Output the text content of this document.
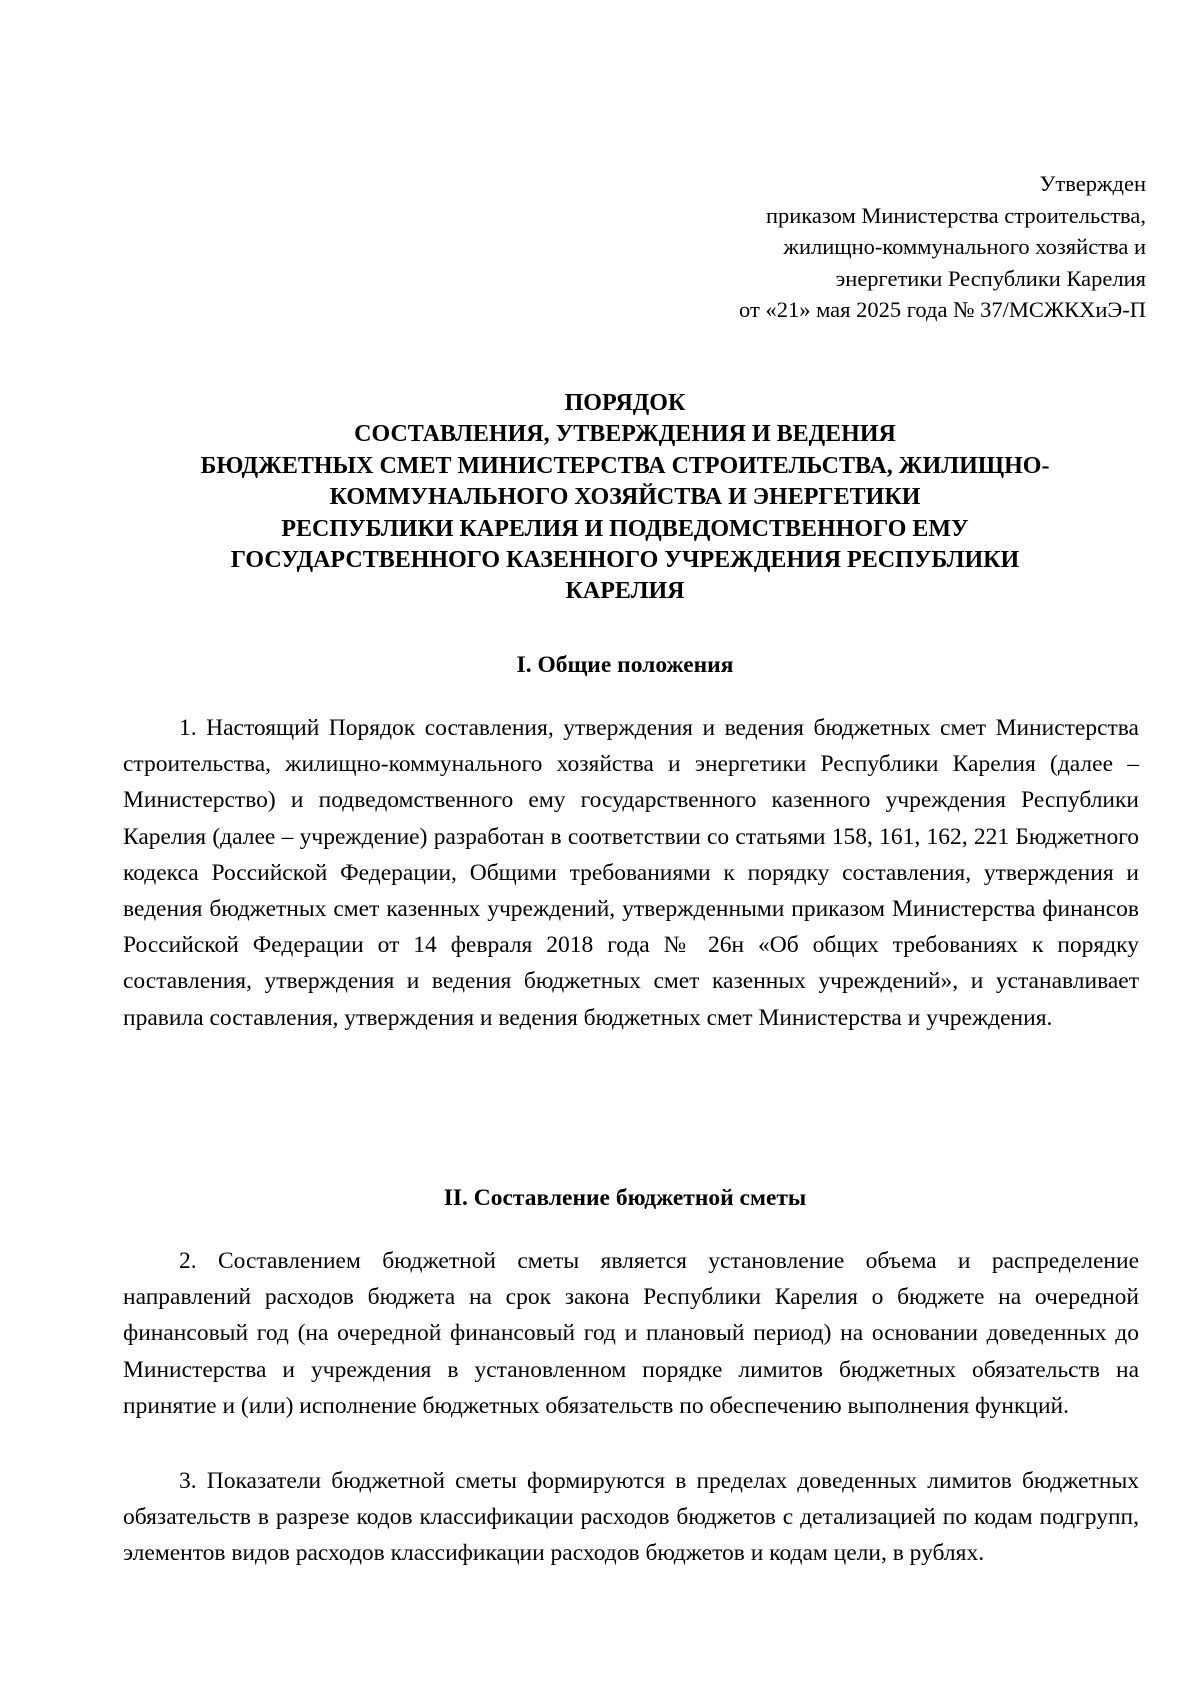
Утвержден
приказом Министерства строительства,
жилищно-коммунального хозяйства и
энергетики Республики Карелия
от «21» мая 2025 года № 37/МСЖКХиЭ-П
ПОРЯДОК
СОСТАВЛЕНИЯ, УТВЕРЖДЕНИЯ И ВЕДЕНИЯ
БЮДЖЕТНЫХ СМЕТ МИНИСТЕРСТВА СТРОИТЕЛЬСТВА, ЖИЛИЩНО-
КОММУНАЛЬНОГО ХОЗЯЙСТВА И ЭНЕРГЕТИКИ
РЕСПУБЛИКИ КАРЕЛИЯ И ПОДВЕДОМСТВЕННОГО ЕМУ
ГОСУДАРСТВЕННОГО КАЗЕННОГО УЧРЕЖДЕНИЯ РЕСПУБЛИКИ
КАРЕЛИЯ
I. Общие положения

1. Настоящий Порядок составления, утверждения и ведения бюджетных смет Министерства строительства, жилищно-коммунального хозяйства и энергетики Республики Карелия (далее – Министерство) и подведомственного ему государственного казенного учреждения Республики Карелия (далее – учреждение) разработан в соответствии со статьями 158, 161, 162, 221 Бюджетного кодекса Российской Федерации, Общими требованиями к порядку составления, утверждения и ведения бюджетных смет казенных учреждений, утвержденными приказом Министерства финансов Российской Федерации от 14 февраля 2018 года № 26н «Об общих требованиях к порядку составления, утверждения и ведения бюджетных смет казенных учреждений», и устанавливает правила составления, утверждения и ведения бюджетных смет Министерства и учреждения.

II. Составление бюджетной сметы

2. Составлением бюджетной сметы является установление объема и распределение направлений расходов бюджета на срок закона Республики Карелия о бюджете на очередной финансовый год (на очередной финансовый год и плановый период) на основании доведенных до Министерства и учреждения в установленном порядке лимитов бюджетных обязательств на принятие и (или) исполнение бюджетных обязательств по обеспечению выполнения функций.

3. Показатели бюджетной сметы формируются в пределах доведенных лимитов бюджетных обязательств в разрезе кодов классификации расходов бюджетов с детализацией по кодам подгрупп, элементов видов расходов классификации расходов бюджетов и кодам цели, в рублях.
